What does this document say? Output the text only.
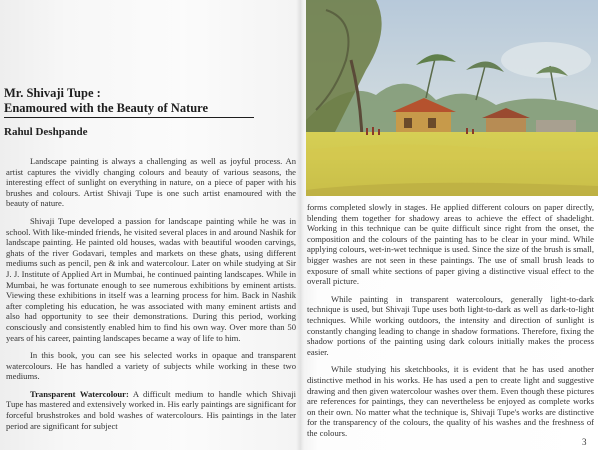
Mr. Shivaji Tupe :
Enamoured with the Beauty of Nature
Rahul Deshpande

Landscape painting is always a challenging as well as joyful process. An artist captures the vividly changing colours and beauty of various seasons, the interesting effect of sunlight on everything in nature, on a piece of paper with his brushes and colours. Artist Shivaji Tupe is one such artist enamoured with the beauty of nature.

Shivaji Tupe developed a passion for landscape painting while he was in school. With like-minded friends, he visited several places in and around Nashik for landscape painting. He painted old houses, wadas with beautiful wooden carvings, ghats of the river Godavari, temples and markets on these ghats, using different mediums such as pencil, pen & ink and watercolour. Later on while studying at Sir J. J. Institute of Applied Art in Mumbai, he continued painting landscapes. While in Mumbai, he was fortunate enough to see numerous exhibitions by eminent artists. Viewing these exhibitions in itself was a learning process for him. Back in Nashik after completing his education, he was associated with many eminent artists and also had opportunity to see their demonstrations. During this period, working consciously and consistently enabled him to find his own way. Over more than 50 years of his career, painting landscapes became a way of life to him.

In this book, you can see his selected works in opaque and transparent watercolours. He has handled a variety of subjects while working in these two mediums.

Transparent Watercolour: A difficult medium to handle which Shivaji Tupe has mastered and extensively worked in. His early paintings are significant for forceful brushstrokes and bold washes of watercolours. His paintings in the later period are significant for subject

forms completed slowly in stages. He applied different colours on paper directly, blending them together for shadowy areas to achieve the effect of shadelight. Working in this technique can be quite difficult since right from the onset, the composition and the colours of the painting has to be clear in your mind. While applying colours, wet-in-wet technique is used. Since the size of the brush is small, bigger washes are not seen in these paintings. The use of small brush leads to exposure of small white sections of paper giving a distinctive visual effect to the overall picture.

While painting in transparent watercolours, generally light-to-dark technique is used, but Shivaji Tupe uses both light-to-dark as well as dark-to-light techniques. While working outdoors, the intensity and direction of sunlight is constantly changing leading to change in shadow formations. Therefore, fixing the shadow portions of the painting using dark colours initially makes the process easier.

While studying his sketchbooks, it is evident that he has used another distinctive method in his works. He has used a pen to create light and suggestive drawing and then given watercolour washes over them. Even though these pictures are references for paintings, they can nevertheless be enjoyed as complete works on their own. No matter what the technique is, Shivaji Tupe's works are distinctive for the transparency of the colours, the quality of his washes and the freshness of the colours.

3
